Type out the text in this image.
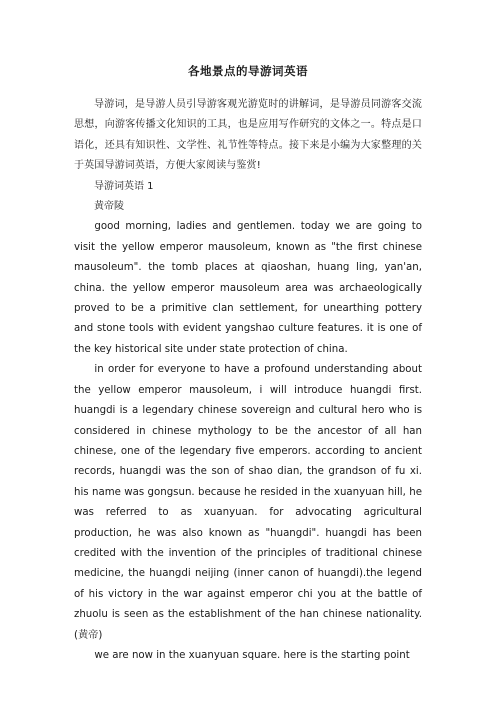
各地景点的导游词英语

导游词，是导游人员引导游客观光游览时的讲解词，是导游员同游客交流思想，向游客传播文化知识的工具，也是应用写作研究的文体之一。特点是口语化，还具有知识性、文学性、礼节性等特点。接下来是小编为大家整理的关于英国导游词英语，方便大家阅读与鉴赏!

导游词英语 1

黄帝陵

good morning, ladies and gentlemen. today we are going to visit the yellow emperor mausoleum, known as "the first chinese mausoleum". the tomb places at qiaoshan, huang ling, yan'an, china. the yellow emperor mausoleum area was archaeologically proved to be a primitive clan settlement, for unearthing pottery and stone tools with evident yangshao culture features. it is one of the key historical site under state protection of china.

in order for everyone to have a profound understanding about the yellow emperor mausoleum, i will introduce huangdi first. huangdi is a legendary chinese sovereign and cultural hero who is considered in chinese mythology to be the ancestor of all han chinese, one of the legendary five emperors. according to ancient records, huangdi was the son of shao dian, the grandson of fu xi. his name was gongsun. because he resided in the xuanyuan hill, he was referred to as xuanyuan. for advocating agricultural production, he was also known as "huangdi". huangdi has been credited with the invention of the principles of traditional chinese medicine, the huangdi neijing (inner canon of huangdi).the legend of his victory in the war against emperor chi you at the battle of zhuolu is seen as the establishment of the han chinese nationality. (黄帝)

we are now in the xuanyuan square. here is the starting point
